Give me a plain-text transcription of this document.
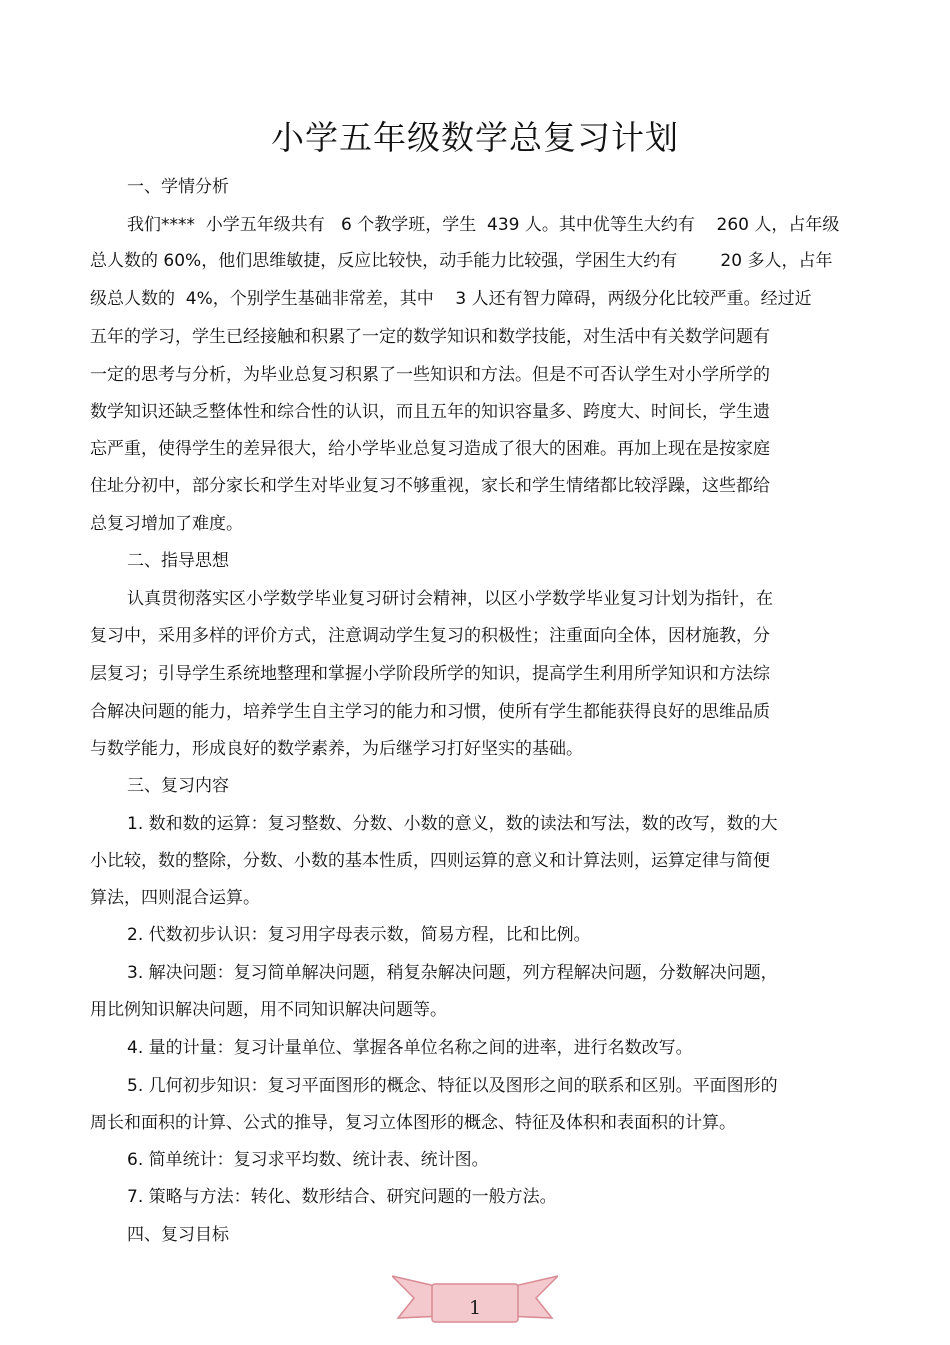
小学五年级数学总复习计划
一、学情分析
我们****  小学五年级共有   6 个教学班，学生  439 人。其中优等生大约有    260 人，占年级
总人数的 60%，他们思维敏捷，反应比较快，动手能力比较强，学困生大约有        20 多人，占年
级总人数的  4%，个别学生基础非常差，其中    3 人还有智力障碍，两级分化比较严重。经过近
五年的学习，学生已经接触和积累了一定的数学知识和数学技能，对生活中有关数学问题有
一定的思考与分析，为毕业总复习积累了一些知识和方法。但是不可否认学生对小学所学的
数学知识还缺乏整体性和综合性的认识，而且五年的知识容量多、跨度大、时间长，学生遗
忘严重，使得学生的差异很大，给小学毕业总复习造成了很大的困难。再加上现在是按家庭
住址分初中，部分家长和学生对毕业复习不够重视，家长和学生情绪都比较浮躁，这些都给
总复习增加了难度。
二、指导思想
认真贯彻落实区小学数学毕业复习研讨会精神，以区小学数学毕业复习计划为指针，在
复习中，采用多样的评价方式，注意调动学生复习的积极性；注重面向全体，因材施教，分
层复习；引导学生系统地整理和掌握小学阶段所学的知识，提高学生利用所学知识和方法综
合解决问题的能力，培养学生自主学习的能力和习惯，使所有学生都能获得良好的思维品质
与数学能力，形成良好的数学素养，为后继学习打好坚实的基础。
三、复习内容
1. 数和数的运算：复习整数、分数、小数的意义，数的读法和写法，数的改写，数的大
小比较，数的整除，分数、小数的基本性质，四则运算的意义和计算法则，运算定律与简便
算法，四则混合运算。
2. 代数初步认识：复习用字母表示数，简易方程，比和比例。
3. 解决问题：复习简单解决问题，稍复杂解决问题，列方程解决问题，分数解决问题，
用比例知识解决问题，用不同知识解决问题等。
4. 量的计量：复习计量单位、掌握各单位名称之间的进率，进行名数改写。
5. 几何初步知识：复习平面图形的概念、特征以及图形之间的联系和区别。平面图形的
周长和面积的计算、公式的推导，复习立体图形的概念、特征及体积和表面积的计算。
6. 简单统计：复习求平均数、统计表、统计图。
7. 策略与方法：转化、数形结合、研究问题的一般方法。
四、复习目标
1
